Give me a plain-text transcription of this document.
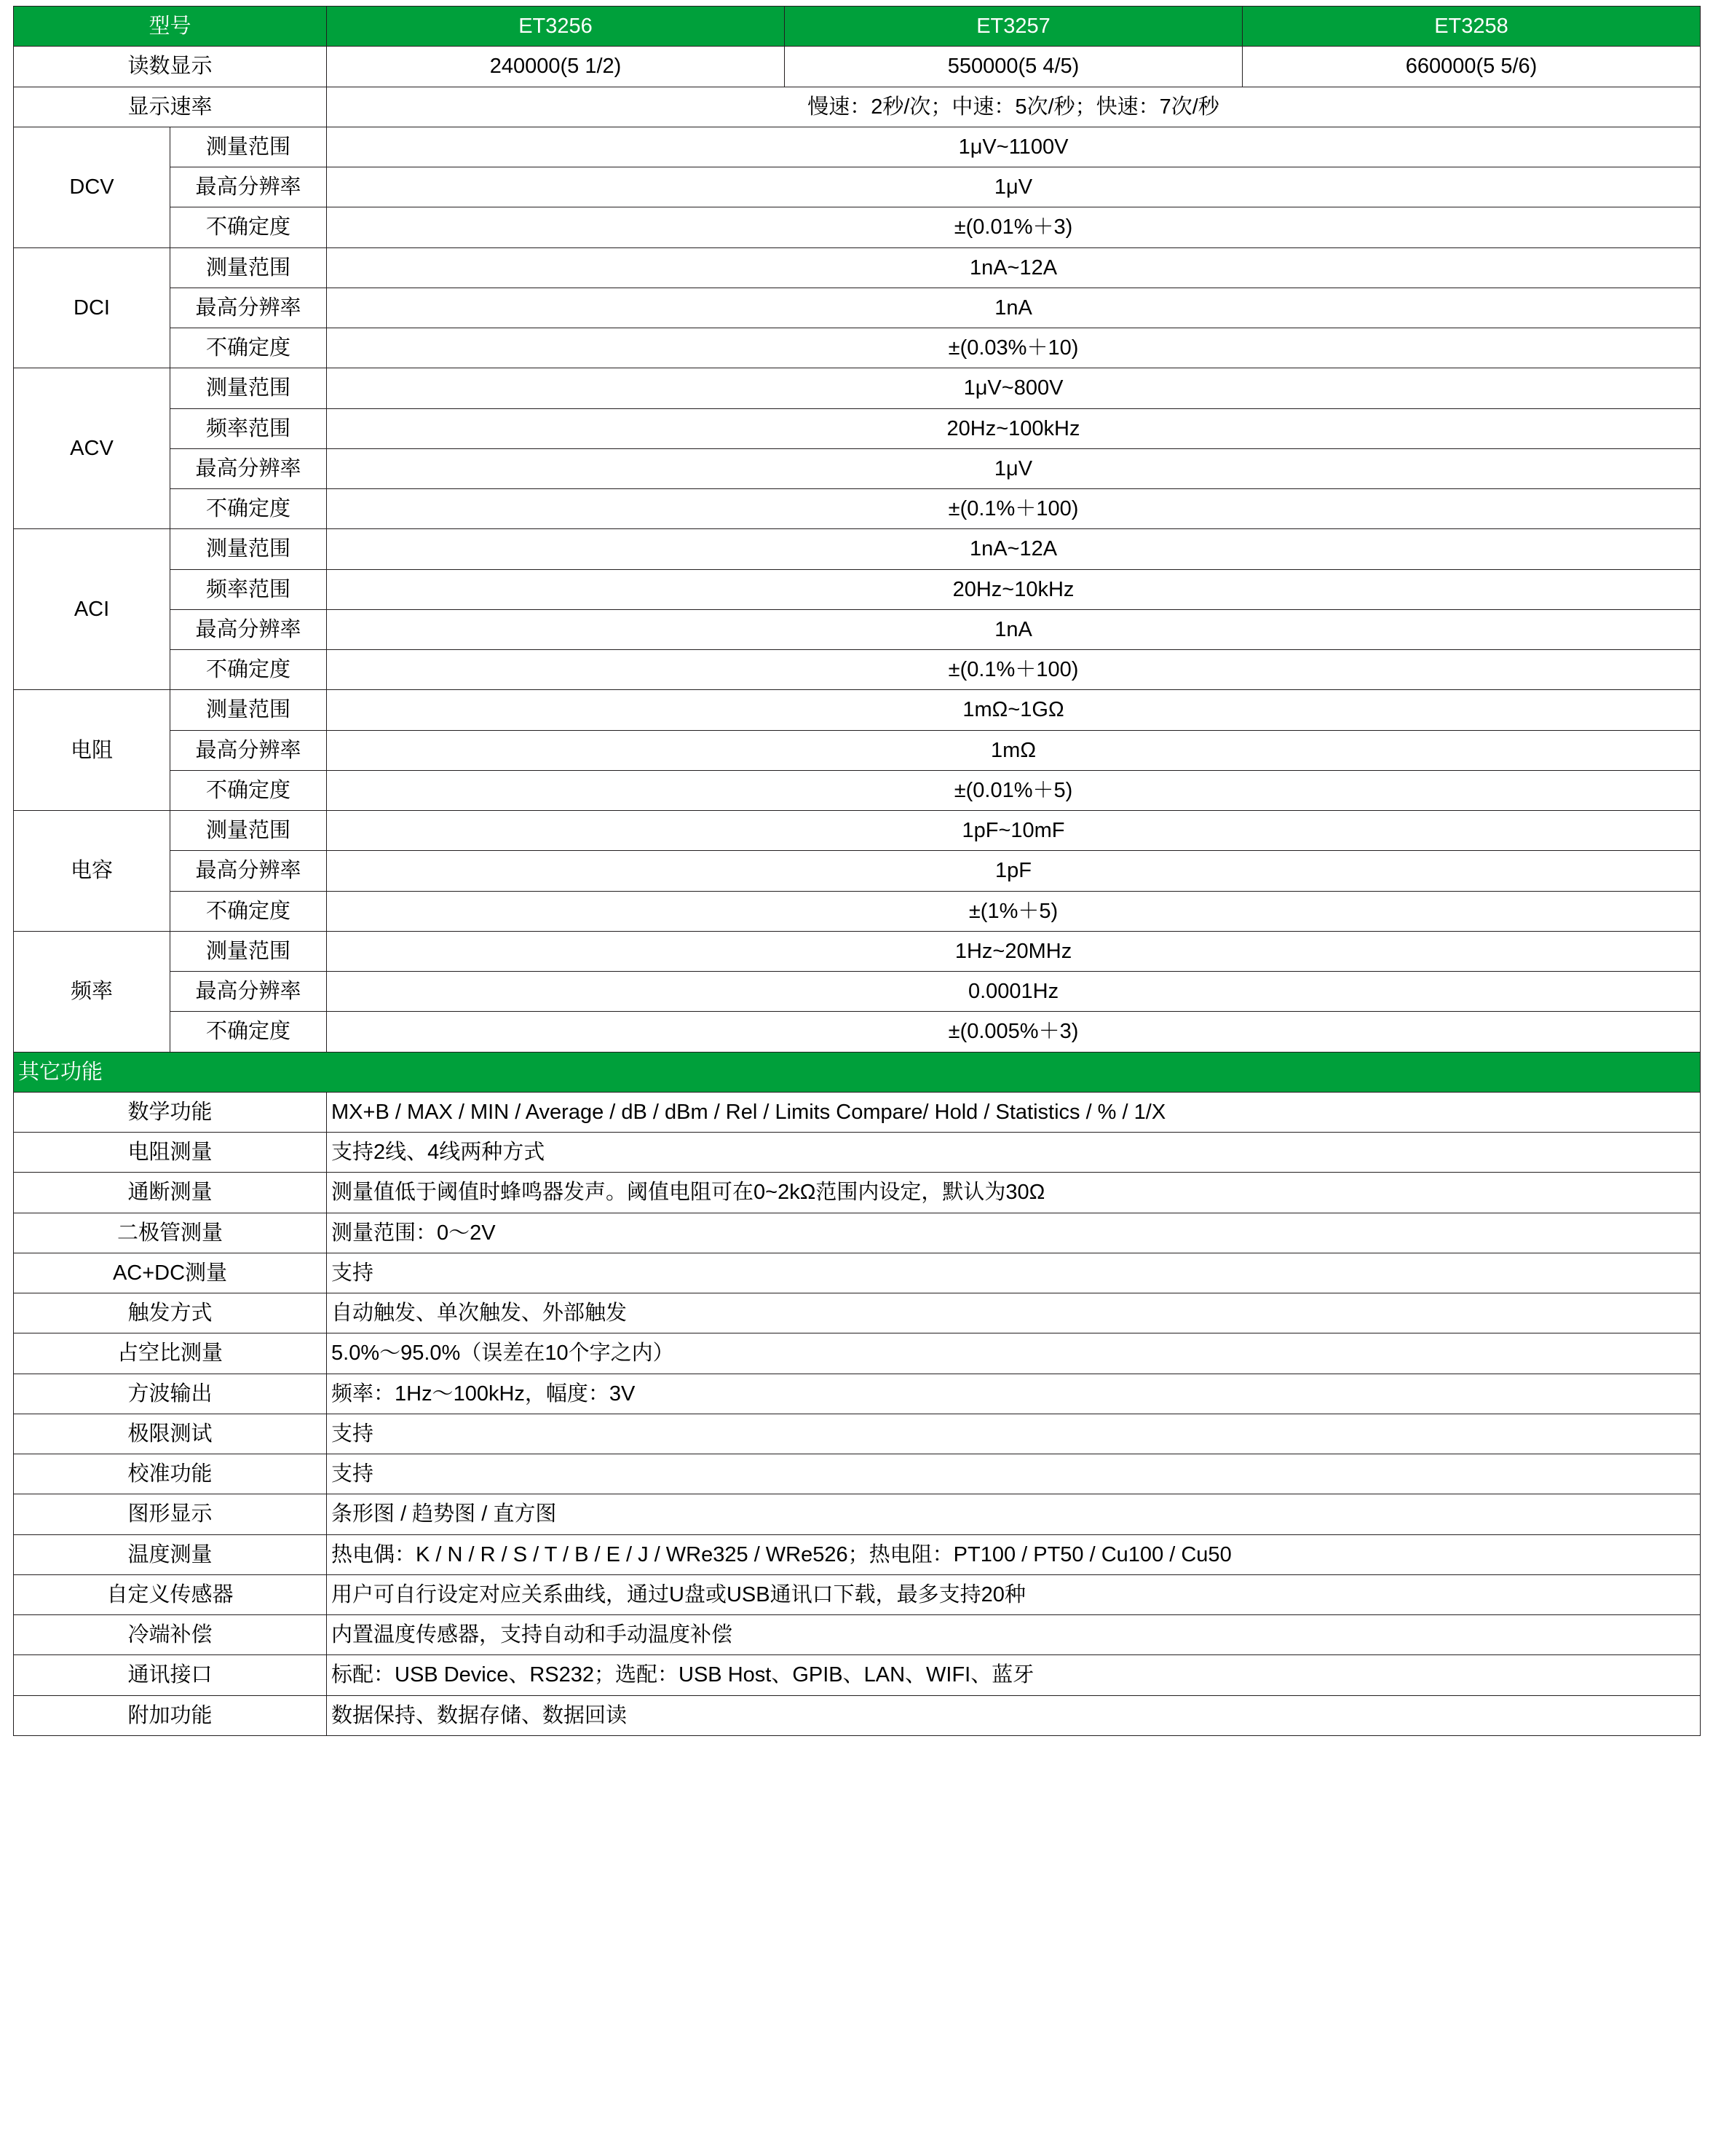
型号		ET3256	ET3257	ET3258
读数显示		240000(5 1/2)	550000(5 4/5)	660000(5 5/6)
显示速率		慢速：2秒/次；中速：5次/秒；快速：7次/秒		
DCV	测量范围	1μV~1100V		
	最高分辨率	1μV		
	不确定度	±(0.01%＋3)		
DCI	测量范围	1nA~12A		
	最高分辨率	1nA		
	不确定度	±(0.03%＋10)		
ACV	测量范围	1μV~800V		
	频率范围	20Hz~100kHz		
	最高分辨率	1μV		
	不确定度	±(0.1%＋100)		
ACI	测量范围	1nA~12A		
	频率范围	20Hz~10kHz		
	最高分辨率	1nA		
	不确定度	±(0.1%＋100)		
电阻	测量范围	1mΩ~1GΩ		
	最高分辨率	1mΩ		
	不确定度	±(0.01%＋5)		
电容	测量范围	1pF~10mF		
	最高分辨率	1pF		
	不确定度	±(1%＋5)		
频率	测量范围	1Hz~20MHz		
	最高分辨率	0.0001Hz		
	不确定度	±(0.005%＋3)		
其它功能				
数学功能		MX+B / MAX / MIN / Average / dB / dBm / Rel / Limits Compare/ Hold / Statistics / % / 1/X		
电阻测量		支持2线、4线两种方式		
通断测量		测量值低于阈值时蜂鸣器发声。阈值电阻可在0~2kΩ范围内设定，默认为30Ω		
二极管测量		测量范围：0～2V		
AC+DC测量		支持		
触发方式		自动触发、单次触发、外部触发		
占空比测量		5.0%～95.0%（误差在10个字之内）		
方波输出		频率：1Hz～100kHz，幅度：3V		
极限测试		支持		
校准功能		支持		
图形显示		条形图 / 趋势图 / 直方图		
温度测量		热电偶：K / N / R / S / T / B / E / J / WRe325 / WRe526；热电阻：PT100 / PT50 / Cu100 / Cu50		
自定义传感器		用户可自行设定对应关系曲线，通过U盘或USB通讯口下载，最多支持20种		
冷端补偿		内置温度传感器，支持自动和手动温度补偿		
通讯接口		标配：USB Device、RS232；选配：USB Host、GPIB、LAN、WIFI、蓝牙		
附加功能		数据保持、数据存储、数据回读		
